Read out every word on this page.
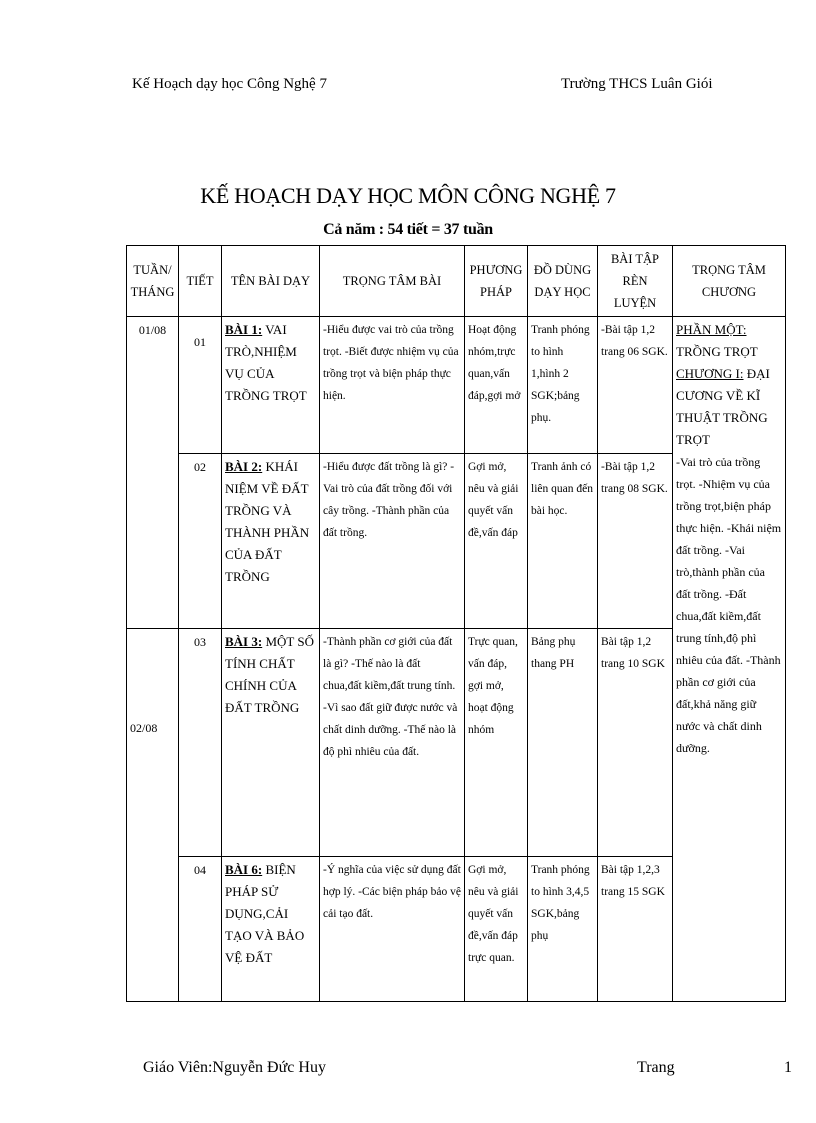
Kế Hoạch dạy học Công Nghệ 7	Trường THCS Luân Giói
KẾ HOẠCH DẠY HỌC MÔN CÔNG NGHỆ 7
Cả năm : 54 tiết = 37 tuần
TUẦN/ THÁNG	TIẾT	TÊN BÀI DẠY	TRỌNG TÂM BÀI	PHƯƠNG PHÁP	ĐỒ DÙNG DẠY HỌC	BÀI TẬP RÈN LUYỆN	TRỌNG TÂM CHƯƠNG
01/08	01	BÀI 1: VAI TRÒ,NHIỆM VỤ CỦA TRỒNG TRỌT	-Hiểu được vai trò của trồng trọt. -Biết được nhiệm vụ của trồng trọt và biện pháp thực hiện.	Hoạt động nhóm,trực quan,vấn đáp,gợi mở	Tranh phóng to hình 1,hình 2 SGK;bảng phụ.	-Bài tập 1,2 trang 06 SGK.	PHẦN MỘT:
TRỒNG TRỌT
CHƯƠNG I: ĐẠI CƯƠNG VỀ KĨ THUẬT TRỒNG TRỌT
-Vai trò của trồng trọt. -Nhiệm vụ của trồng trọt,biện pháp thực hiện. -Khái niệm đất trồng. -Vai trò,thành phần của đất trồng. -Đất chua,đất kiềm,đất trung tính,độ phì nhiêu của đất. -Thành phần cơ giới của đất,khả năng giữ nước và chất dinh dưỡng.
	02	BÀI 2: KHÁI NIỆM VỀ ĐẤT TRỒNG VÀ THÀNH PHẦN CỦA ĐẤT TRỒNG	-Hiểu được đất trồng là gì? -Vai trò của đất trồng đối với cây trồng. -Thành phần của đất trồng.	Gợi mở, nêu và giải quyết vấn đề,vấn đáp	Tranh ảnh có liên quan đến bài học.	-Bài tập 1,2 trang 08 SGK.	
02/08	03	BÀI 3: MỘT SỐ TÍNH CHẤT CHÍNH CỦA ĐẤT TRỒNG	-Thành phần cơ giới của đất là gì? -Thế nào là đất chua,đất kiềm,đất trung tính. -Vì sao đất giữ được nước và chất dinh dưỡng. -Thế nào là độ phì nhiêu của đất.	Trực quan, vấn đáp, gợi mở, hoạt động nhóm	Bảng phụ thang PH	Bài tập 1,2 trang 10 SGK	
	04	BÀI 6: BIỆN PHÁP SỬ DỤNG,CẢI TẠO VÀ BẢO VỆ ĐẤT	-Ý nghĩa của việc sử dụng đất hợp lý. -Các biện pháp bảo vệ cải tạo đất.	Gợi mở, nêu và giải quyết vấn đề,vấn đáp trực quan.	Tranh phóng to hình 3,4,5 SGK,bảng phụ	Bài tập 1,2,3 trang 15 SGK	
Giáo Viên:Nguyễn Đức Huy	Trang	1
